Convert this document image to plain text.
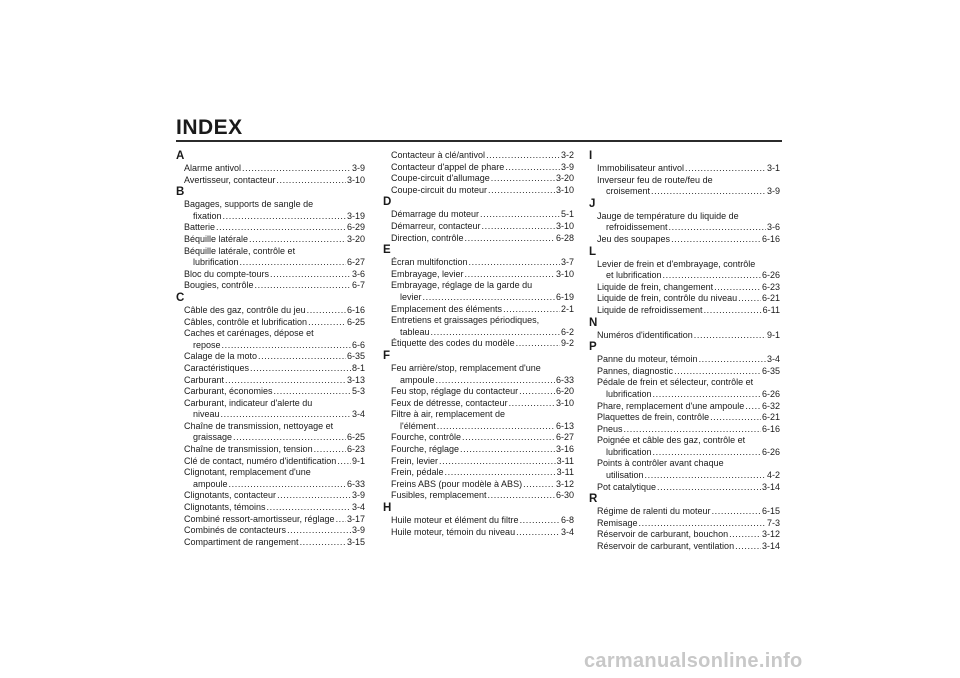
INDEX
A
Alarme antivol .....	3-9
Avertisseur, contacteur .....	3-10
B
Bagages, supports de sangle de
fixation .....	3-19
Batterie .....	6-29
Béquille latérale .....	3-20
Béquille latérale, contrôle et
lubrification .....	6-27
Bloc du compte-tours .....	3-6
Bougies, contrôle .....	6-7
C
Câble des gaz, contrôle du jeu .....	6-16
Câbles, contrôle et lubrification .....	6-25
Caches et carénages, dépose et
repose .....	6-6
Calage de la moto .....	6-35
Caractéristiques .....	8-1
Carburant .....	3-13
Carburant, économies .....	5-3
Carburant, indicateur d'alerte du
niveau .....	3-4
Chaîne de transmission, nettoyage et
graissage .....	6-25
Chaîne de transmission, tension .....	6-23
Clé de contact, numéro d'identification ..... 9-1
Clignotant, remplacement d'une
ampoule .....	6-33
Clignotants, contacteur .....	3-9
Clignotants, témoins .....	3-4
Combiné ressort-amortisseur, réglage ..... 3-17
Combinés de contacteurs .....	3-9
Compartiment de rangement .....	3-15
Contacteur à clé/antivol .....	3-2
Contacteur d'appel de phare .....	3-9
Coupe-circuit d'allumage .....	3-20
Coupe-circuit du moteur .....	3-10
D
Démarrage du moteur .....	5-1
Démarreur, contacteur .....	3-10
Direction, contrôle .....	6-28
E
Écran multifonction .....	3-7
Embrayage, levier .....	3-10
Embrayage, réglage de la garde du
levier .....	6-19
Emplacement des éléments .....	2-1
Entretiens et graissages périodiques,
tableau .....	6-2
Étiquette des codes du modèle .....	9-2
F
Feu arrière/stop, remplacement d'une
ampoule .....	6-33
Feu stop, réglage du contacteur .....	6-20
Feux de détresse, contacteur .....	3-10
Filtre à air, remplacement de
l'élément .....	6-13
Fourche, contrôle .....	6-27
Fourche, réglage .....	3-16
Frein, levier .....	3-11
Frein, pédale .....	3-11
Freins ABS (pour modèle à ABS) .....	3-12
Fusibles, remplacement .....	6-30
H
Huile moteur et élément du filtre .....	6-8
Huile moteur, témoin du niveau .....	3-4
I
Immobilisateur antivol .....	3-1
Inverseur feu de route/feu de
croisement .....	3-9
J
Jauge de température du liquide de
refroidissement .....	3-6
Jeu des soupapes .....	6-16
L
Levier de frein et d'embrayage, contrôle
et lubrification .....	6-26
Liquide de frein, changement .....	6-23
Liquide de frein, contrôle du niveau .....	6-21
Liquide de refroidissement .....	6-11
N
Numéros d'identification .....	9-1
P
Panne du moteur, témoin .....	3-4
Pannes, diagnostic .....	6-35
Pédale de frein et sélecteur, contrôle et
lubrification .....	6-26
Phare, remplacement d'une ampoule ..... 6-32
Plaquettes de frein, contrôle .....	6-21
Pneus .....	6-16
Poignée et câble des gaz, contrôle et
lubrification .....	6-26
Points à contrôler avant chaque
utilisation .....	4-2
Pot catalytique .....	3-14
R
Régime de ralenti du moteur .....	6-15
Remisage .....	7-3
Réservoir de carburant, bouchon .....	3-12
Réservoir de carburant, ventilation .....	3-14
carmanualsonline.info
